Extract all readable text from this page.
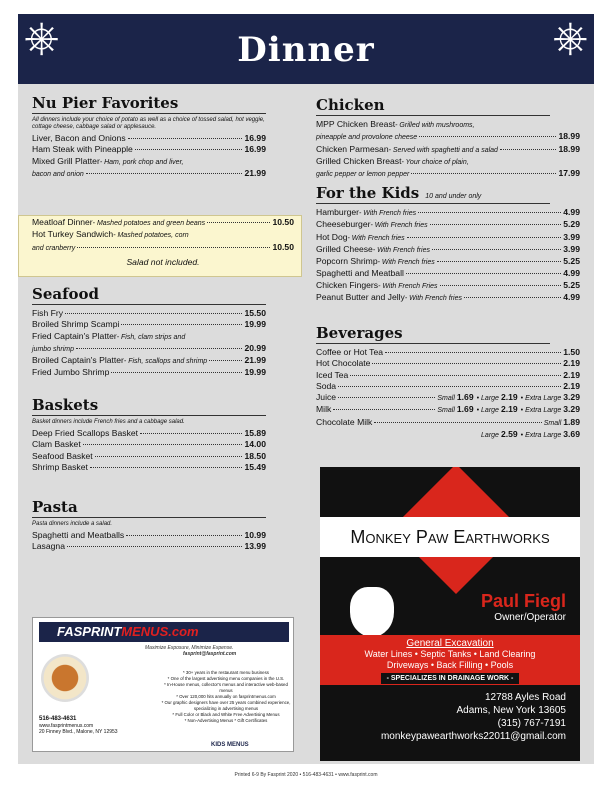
⎈	Dinner	⎈
Nu Pier Favorites
All dinners include your choice of potato as well as a choice of tossed salad, hot veggie, cottage cheese, cabbage salad or applesauce.
Liver, Bacon and Onions	16.99
Ham Steak with Pineapple	16.99
Mixed Grill Platter - Ham, pork chop and liver,
bacon and onion	21.99
Meatloaf Dinner - Mashed potatoes and green beans	10.50
Hot Turkey Sandwich - Mashed potatoes, corn
and cranberry	10.50
Salad not included.
Seafood
Fish Fry	15.50
Broiled Shrimp Scampi	19.99
Fried Captain's Platter - Fish, clam strips and
jumbo shrimp	20.99
Broiled Captain's Platter - Fish, scallops and shrimp	21.99
Fried Jumbo Shrimp	19.99
Baskets
Basket dinners include French fries and a cabbage salad.
Deep Fried Scallops Basket	15.89
Clam Basket	14.00
Seafood Basket	18.50
Shrimp Basket	15.49
Pasta
Pasta dinners include a salad.
Spaghetti and Meatballs	10.99
Lasagna	13.99
Chicken
MPP Chicken Breast - Grilled with mushrooms,
pineapple and provolone cheese	18.99
Chicken Parmesan - Served with spaghetti and a salad	18.99
Grilled Chicken Breast - Your choice of plain,
garlic pepper or lemon pepper	17.99
For the Kids 10 and under only
Hamburger - With French fries	4.99
Cheeseburger - With French fries	5.29
Hot Dog - With French fries	3.99
Grilled Cheese - With French fries	3.99
Popcorn Shrimp - With French fries	5.25
Spaghetti and Meatball	4.99
Chicken Fingers - With French Fries	5.25
Peanut Butter and Jelly - With French fries	4.99
Beverages
Coffee or Hot Tea	1.50
Hot Chocolate	2.19
Iced Tea	2.19
Soda	2.19
Juice	Small 1.69 • Large 2.19 • Extra Large 3.29
Milk	Small 1.69 • Large 2.19 • Extra Large 3.29
Chocolate Milk	Small 1.89
Large 2.59 • Extra Large 3.69
FASPRINTMENUS.com
Maximize Exposure, Minimize Expense.
fasprint@fasprint.com
* 30+ years in the restaurant menu business
* One of the largest advertising menu companies in the U.S.
* In-House menus, collector's menus and interactive web-based menus
* Over 120,000 hits annually on fasprintmenus.com
* Our graphic designers have over 25 years combined experience, specializing in advertising menus
* Full Color or Black and White Free Advertising Menus
* Non-Advertising Menus * Gift Certificates
516-483-4631
www.fasprintmenus.com
20 Finney Blvd., Malone, NY 12953
KIDS MENUS
Monkey Paw Earthworks
Paul Fiegl
Owner/Operator
General Excavation
Water Lines • Septic Tanks • Land Clearing
Driveways • Back Filling • Pools
- SPECIALIZES IN DRAINAGE WORK -
12788 Ayles Road
Adams, New York 13605
(315) 767-7191
monkeypawearthworks22011@gmail.com
Printed 6-9 By Fasprint 2020 • 516-483-4631 • www.fasprint.com
